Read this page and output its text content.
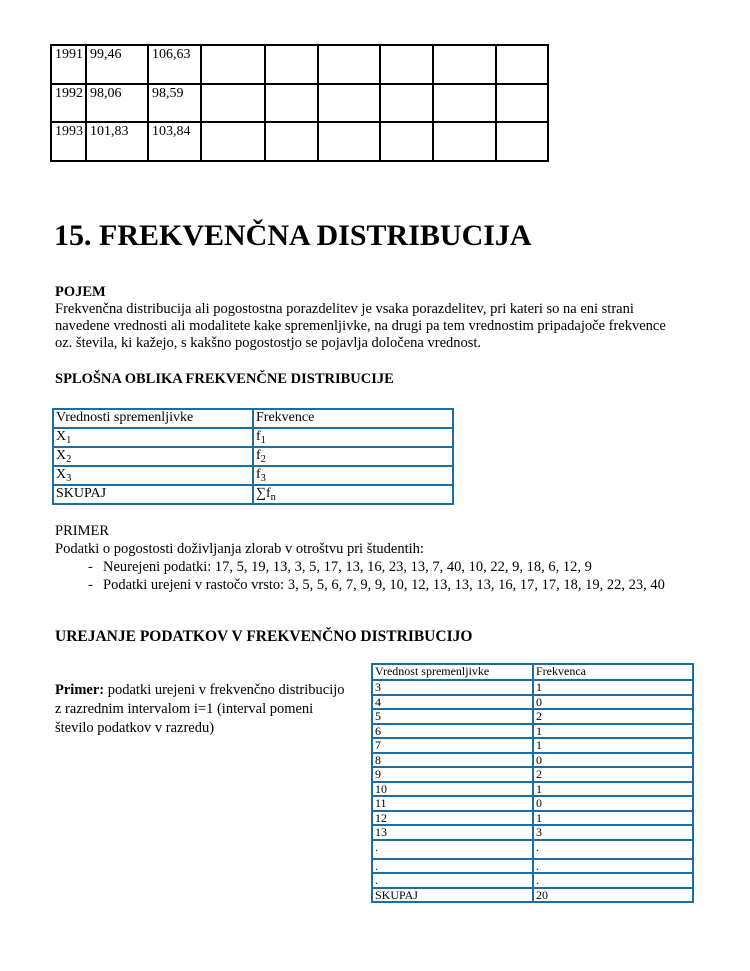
1991	99,46	106,63						
1992	98,06	98,59						
1993	101,83	103,84						
15. FREKVENČNA DISTRIBUCIJA
POJEM
Frekvenčna distribucija ali pogostostna porazdelitev je vsaka porazdelitev, pri kateri so na eni strani
navedene vrednosti ali modalitete kake spremenljivke, na drugi pa tem vrednostim pripadajoče frekvence
oz. števila, ki kažejo, s kakšno pogostostjo se pojavlja določena vrednost.
SPLOŠNA OBLIKA FREKVENČNE DISTRIBUCIJE
Vrednosti spremenljivke	Frekvence
$X_1$	$f_1$
$X_2$	$f_2$
$X_3$	$f_3$
SKUPAJ	$\sum f_n$
PRIMER
Podatki o pogostosti doživljanja zlorab v otroštvu pri študentih:
- Neurejeni podatki: 17, 5, 19, 13, 3, 5, 17, 13, 16, 23, 13, 7, 40, 10, 22, 9, 18, 6, 12, 9
- Podatki urejeni v rastočo vrsto: 3, 5, 5, 6, 7, 9, 9, 10, 12, 13, 13, 13, 16, 17, 17, 18, 19, 22, 23, 40
UREJANJE PODATKOV V FREKVENČNO DISTRIBUCIJO
Primer: podatki urejeni v frekvenčno distribucijo
z razrednim intervalom i=1 (interval pomeni
število podatkov v razredu)
Vrednost spremenljivke	Frekvenca
3	1
4	0
5	2
6	1
7	1
8	0
9	2
10	1
11	0
12	1
13	3
.	.
.	.
.	.
SKUPAJ	20
